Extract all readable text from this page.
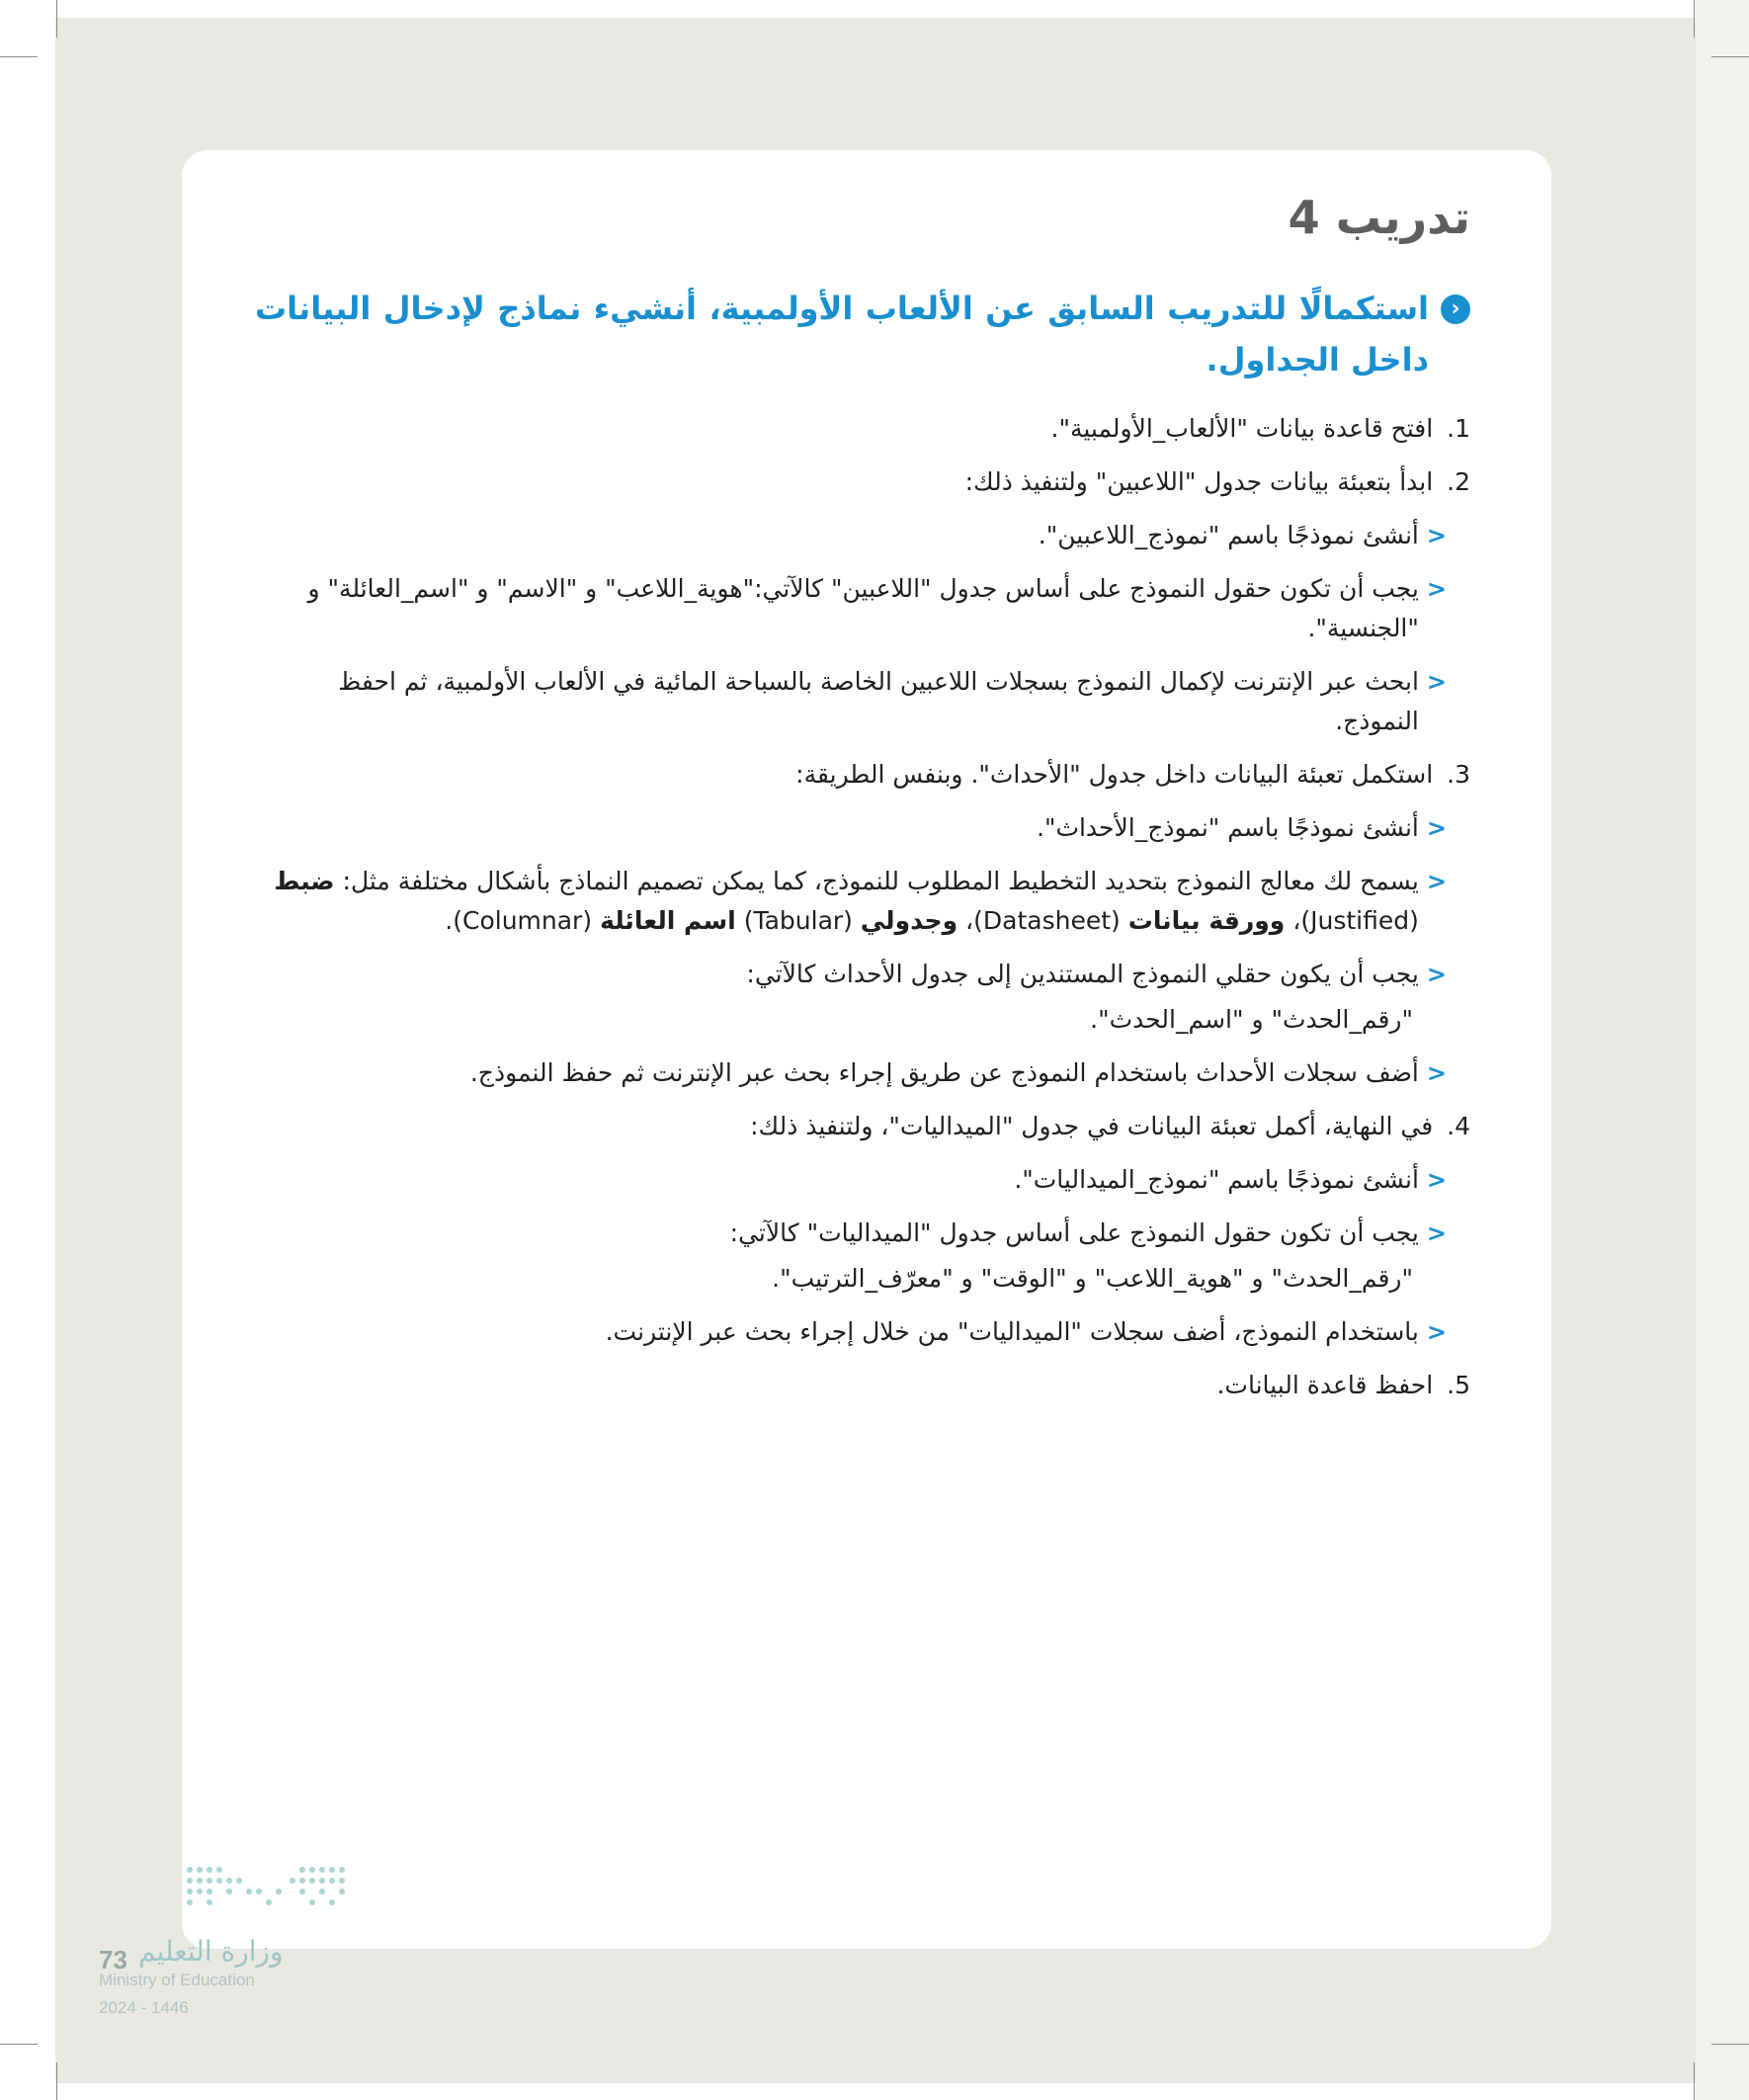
تدريب 4
‹
استكمالًا للتدريب السابق عن الألعاب الأولمبية، أنشيء نماذج لإدخال البيانات داخل الجداول.
1. افتح قاعدة بيانات "الألعاب_الأولمبية".
2. ابدأ بتعبئة بيانات جدول "اللاعبين" ولتنفيذ ذلك:
<
أنشئ نموذجًا باسم "نموذج_اللاعبين".
<
يجب أن تكون حقول النموذج على أساس جدول "اللاعبين" كالآتي:"هوية_اللاعب" و "الاسم" و "اسم_العائلة" و "الجنسية".
<
ابحث عبر الإنترنت لإكمال النموذج بسجلات اللاعبين الخاصة بالسباحة المائية في الألعاب الأولمبية، ثم احفظ النموذج.
3. استكمل تعبئة البيانات داخل جدول "الأحداث". وبنفس الطريقة:
<
أنشئ نموذجًا باسم "نموذج_الأحداث".
<
يسمح لك معالج النموذج بتحديد التخطيط المطلوب للنموذج، كما يمكن تصميم النماذج بأشكال مختلفة مثل: ضبط (Justified)، وورقة بيانات (Datasheet)، وجدولي (Tabular) اسم العائلة (Columnar).
<
يجب أن يكون حقلي النموذج المستندين إلى جدول الأحداث كالآتي:
"رقم_الحدث" و "اسم_الحدث".
<
أضف سجلات الأحداث باستخدام النموذج عن طريق إجراء بحث عبر الإنترنت ثم حفظ النموذج.
4. في النهاية، أكمل تعبئة البيانات في جدول "الميداليات"، ولتنفيذ ذلك:
<
أنشئ نموذجًا باسم "نموذج_الميداليات".
<
يجب أن تكون حقول النموذج على أساس جدول "الميداليات" كالآتي:
"رقم_الحدث" و "هوية_اللاعب" و "الوقت" و "معرّف_الترتيب".
<
باستخدام النموذج، أضف سجلات "الميداليات" من خلال إجراء بحث عبر الإنترنت.
5. احفظ قاعدة البيانات.
وزارة التعليم
73
Ministry of Education
2024 - 1446
